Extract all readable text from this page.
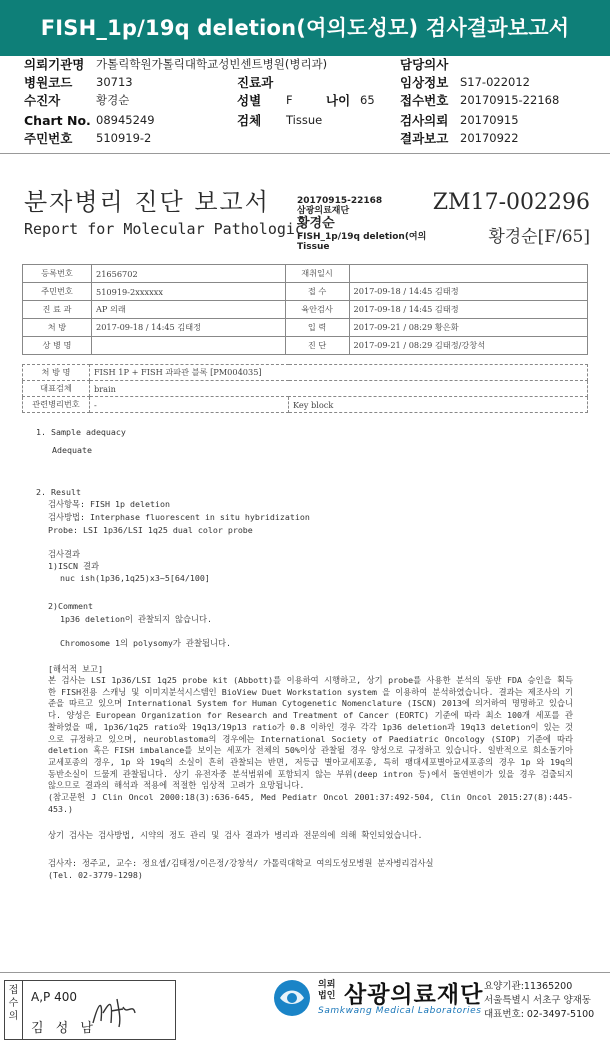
FISH_1p/19q deletion(여의도성모) 검사결과보고서
의뢰기관명 가톨릭학원가톨릭대학교성빈센트병원(병리과)	담당의사
병원코드 30713	진료과	임상정보 S17-022012
수진자	황경순	성별 F	나이 65 접수번호 20170915-22168
Chart No. 08945249	검체 Tissue	검사의뢰 20170915
주민번호 510919-2	결과보고 20170922
분자병리 진단 보고서
Report for Molecular Pathologic
20170915-22168
삼광의료재단
황경순
FISH_1p/19q deletion(여의
Tissue
ZM17-002296
황경순[F/65]
등록번호	21656702	재취일시	
주민번호	510919-2xxxxxx	접 수	2017-09-18 / 14:45 김태정
진 료 과	AP 의래	육안검사	2017-09-18 / 14:45 김태정
처 방	2017-09-18 / 14:45 김태정	입 력	2017-09-21 / 08:29 황은화
상 병 명		진 단	2017-09-21 / 08:29 김태정/강창석
처 방 명	FISH 1P + FISH 과파관 블록 [PM004035]	
대표검체	brain	
관련병리번호	-	Key block
1. Sample adequacy
Adequate
2. Result
검사항목: FISH 1p deletion
검사방법: Interphase fluorescent in situ hybridization
Probe: LSI 1p36/LSI 1q25 dual color probe
검사결과
1)ISCN 결과
nuc ish(1p36,1q25)x3~5[64/100]
2)Comment
1p36 deletion이 관찰되지 않습니다.
Chromosome 1의 polysomy가 관찰됩니다.
[해석적 보고]
본 검사는 LSI 1p36/LSI 1q25 probe kit (Abbott)를 이용하여 시행하고, 상기 probe를 사용한 분석의 동반 FDA 승인을 획득한 FISH전용 스캐닝 및 이미지분석시스템인 BioView Duet Workstation system 을 이용하여 분석하였습니다. 결과는 제조사의 기준을 따르고 있으며 International System for Human Cytogenetic Nomenclature (ISCN) 2013에 의거하여 명명하고 있습니다. 양성은 European Organization for Research and Treatment of Cancer (EORTC) 기준에 따라 최소 100개 세포를 관찰하였을 때, 1p36/1q25 ratio와 19q13/19p13 ratio가 0.8 이하인 경우 각각 1p36 deletion과 19q13 deletion이 있는 것으로 규정하고 있으며, neuroblastoma의 경우에는 International Society of Paediatric Oncology (SIOP) 기준에 따라 deletion 혹은 FISH imbalance를 보이는 세포가 전체의 50%이상 관찰될 경우 양성으로 규정하고 있습니다. 일반적으로 희소돌기아교세포종의 경우, 1p 와 19q의 소실이 흔히 관찰되는 반면, 저등급 별아교세포종, 특히 팽대세포별아교세포종의 경우 1p 와 19q의 동반소실이 드물게 관찰됩니다. 상기 유전자중 분석범위에 포함되지 않는 부위(deep intron 등)에서 돌연변이가 있을 경우 검출되지 않으므로 결과의 해석과 적용에 적절한 임상적 고려가 요망됩니다.
(참고문헌 J Clin Oncol 2000:18(3):636-645, Med Pediatr Oncol 2001:37:492-504, Clin Oncol 2015:27(8):445-453.)
상기 검사는 검사방법, 시약의 정도 관리 및 검사 결과가 병리과 전문의에 의해 확인되었습니다.
검사자: 정주교, 교수: 정요셉/김태정/이은정/강창석/ 가톨릭대학교 여의도성모병원 분자병리검사실
(Tel. 02-3779-1298)
접수의
A,P 400
김 성 남
의뢰
법인 삼광의료재단
Samkwang Medical Laboratories
요양기관:11365200
서울특별시 서초구 양재동
대표번호: 02-3497-5100
